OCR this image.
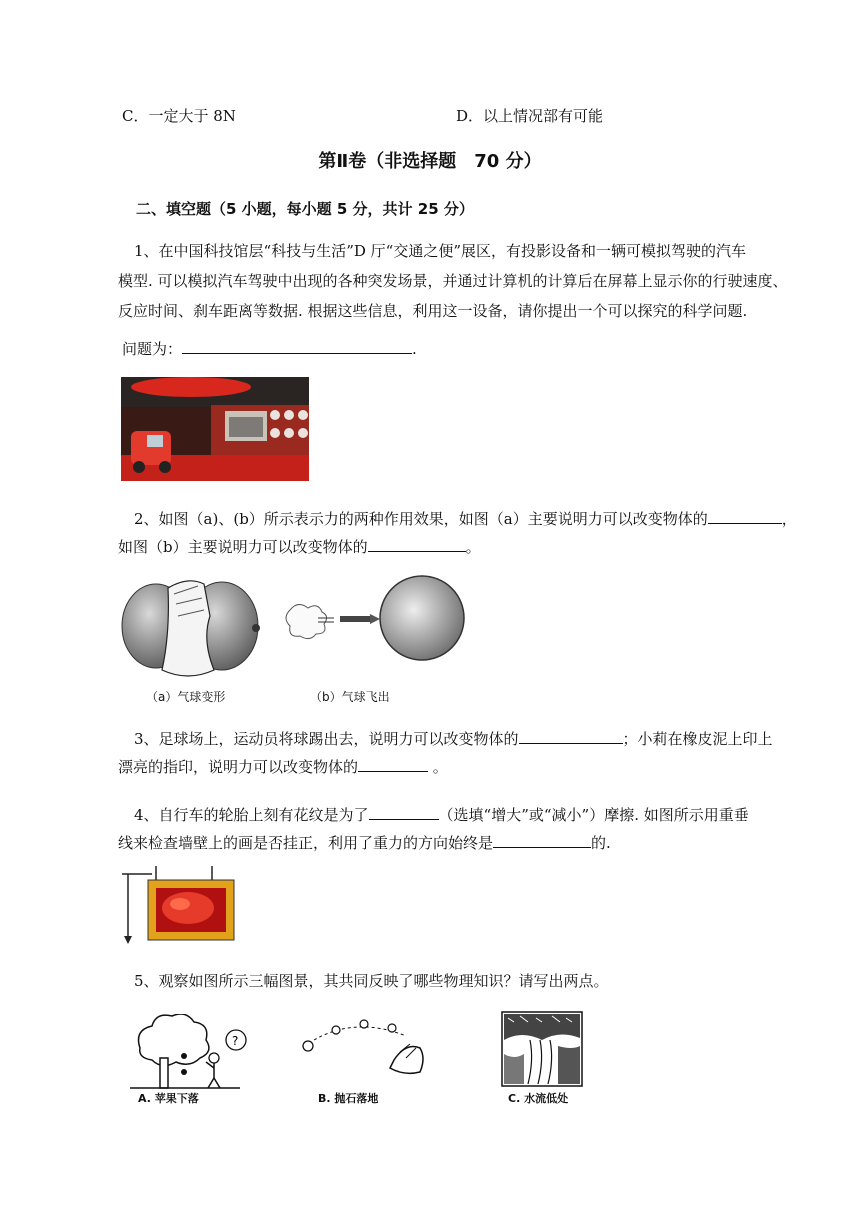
C．一定大于 8N	D．以上情况部有可能
第Ⅱ卷（非选择题　70 分）
二、填空题（5 小题，每小题 5 分，共计 25 分）
1、在中国科技馆层“科技与生活”D 厅“交通之便”展区，有投影设备和一辆可模拟驾驶的汽车
模型. 可以模拟汽车驾驶中出现的各种突发场景，并通过计算机的计算后在屏幕上显示你的行驶速度、
反应时间、刹车距离等数据. 根据这些信息，利用这一设备，请你提出一个可以探究的科学问题.
问题为：	.
2、如图（a)、(b）所示表示力的两种作用效果，如图（a）主要说明力可以改变物体的	，
如图（b）主要说明力可以改变物体的	。
（a）气球变形	（b）气球飞出
3、足球场上，运动员将球踢出去，说明力可以改变物体的	；小莉在橡皮泥上印上
漂亮的指印，说明力可以改变物体的	。
4、自行车的轮胎上刻有花纹是为了	（选填“增大”或“减小”）摩擦. 如图所示用重垂
线来检查墙壁上的画是否挂正，利用了重力的方向始终是	的.
5、观察如图所示三幅图景，其共同反映了哪些物理知识？请写出两点。
?
A. 苹果下落	B. 抛石落地	C. 水流低处
